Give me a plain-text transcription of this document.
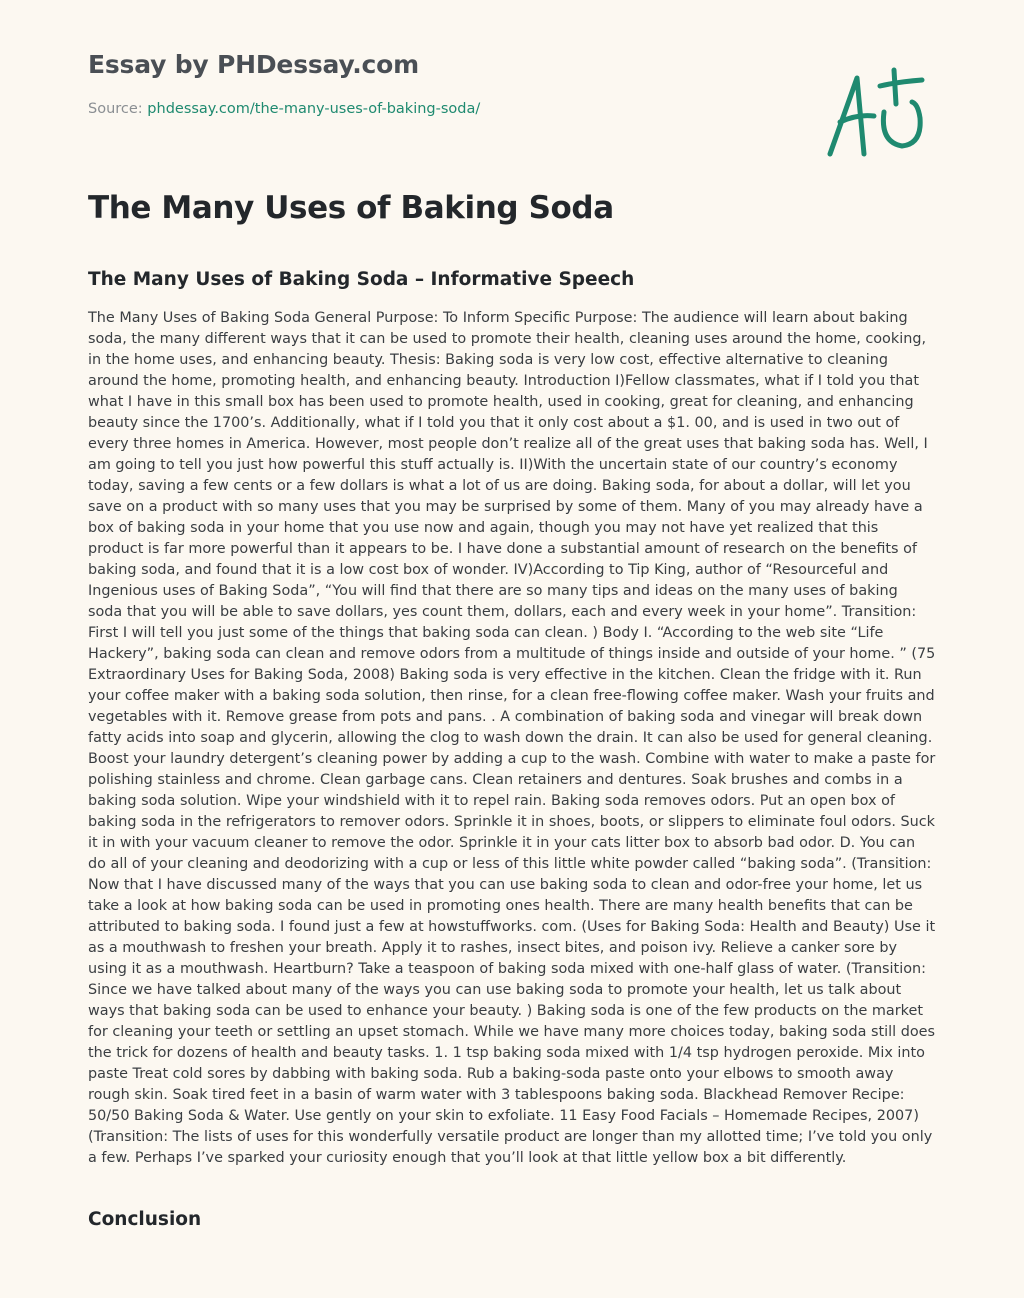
Essay by PHDessay.com
Source: phdessay.com/the-many-uses-of-baking-soda/
The Many Uses of Baking Soda
The Many Uses of Baking Soda – Informative Speech

The Many Uses of Baking Soda General Purpose: To Inform Specific Purpose: The audience will learn about baking soda, the many different ways that it can be used to promote their health, cleaning uses around the home, cooking, in the home uses, and enhancing beauty. Thesis: Baking soda is very low cost, effective alternative to cleaning around the home, promoting health, and enhancing beauty. Introduction I)Fellow classmates, what if I told you that what I have in this small box has been used to promote health, used in cooking, great for cleaning, and enhancing beauty since the 1700’s. Additionally, what if I told you that it only cost about a $1. 00, and is used in two out of every three homes in America. However, most people don’t realize all of the great uses that baking soda has. Well, I am going to tell you just how powerful this stuff actually is. II)With the uncertain state of our country’s economy today, saving a few cents or a few dollars is what a lot of us are doing. Baking soda, for about a dollar, will let you save on a product with so many uses that you may be surprised by some of them. Many of you may already have a box of baking soda in your home that you use now and again, though you may not have yet realized that this product is far more powerful than it appears to be. I have done a substantial amount of research on the benefits of baking soda, and found that it is a low cost box of wonder. IV)According to Tip King, author of “Resourceful and Ingenious uses of Baking Soda”, “You will find that there are so many tips and ideas on the many uses of baking soda that you will be able to save dollars, yes count them, dollars, each and every week in your home”. Transition: First I will tell you just some of the things that baking soda can clean. ) Body I. “According to the web site “Life Hackery”, baking soda can clean and remove odors from a multitude of things inside and outside of your home. ” (75 Extraordinary Uses for Baking Soda, 2008) Baking soda is very effective in the kitchen. Clean the fridge with it. Run your coffee maker with a baking soda solution, then rinse, for a clean free-flowing coffee maker. Wash your fruits and vegetables with it. Remove grease from pots and pans. . A combination of baking soda and vinegar will break down fatty acids into soap and glycerin, allowing the clog to wash down the drain. It can also be used for general cleaning. Boost your laundry detergent’s cleaning power by adding a cup to the wash. Combine with water to make a paste for polishing stainless and chrome. Clean garbage cans. Clean retainers and dentures. Soak brushes and combs in a baking soda solution. Wipe your windshield with it to repel rain. Baking soda removes odors. Put an open box of baking soda in the refrigerators to remover odors. Sprinkle it in shoes, boots, or slippers to eliminate foul odors. Suck it in with your vacuum cleaner to remove the odor. Sprinkle it in your cats litter box to absorb bad odor. D. You can do all of your cleaning and deodorizing with a cup or less of this little white powder called “baking soda”. (Transition: Now that I have discussed many of the ways that you can use baking soda to clean and odor-free your home, let us take a look at how baking soda can be used in promoting ones health. There are many health benefits that can be attributed to baking soda. I found just a few at howstuffworks. com. (Uses for Baking Soda: Health and Beauty) Use it as a mouthwash to freshen your breath. Apply it to rashes, insect bites, and poison ivy. Relieve a canker sore by using it as a mouthwash. Heartburn? Take a teaspoon of baking soda mixed with one-half glass of water. (Transition: Since we have talked about many of the ways you can use baking soda to promote your health, let us talk about ways that baking soda can be used to enhance your beauty. ) Baking soda is one of the few products on the market for cleaning your teeth or settling an upset stomach. While we have many more choices today, baking soda still does the trick for dozens of health and beauty tasks. 1. 1 tsp baking soda mixed with 1/4 tsp hydrogen peroxide. Mix into paste Treat cold sores by dabbing with baking soda. Rub a baking-soda paste onto your elbows to smooth away rough skin. Soak tired feet in a basin of warm water with 3 tablespoons baking soda. Blackhead Remover Recipe: 50/50 Baking Soda & Water. Use gently on your skin to exfoliate. 11 Easy Food Facials – Homemade Recipes, 2007) (Transition: The lists of uses for this wonderfully versatile product are longer than my allotted time; I’ve told you only a few. Perhaps I’ve sparked your curiosity enough that you’ll look at that little yellow box a bit differently.

Conclusion
